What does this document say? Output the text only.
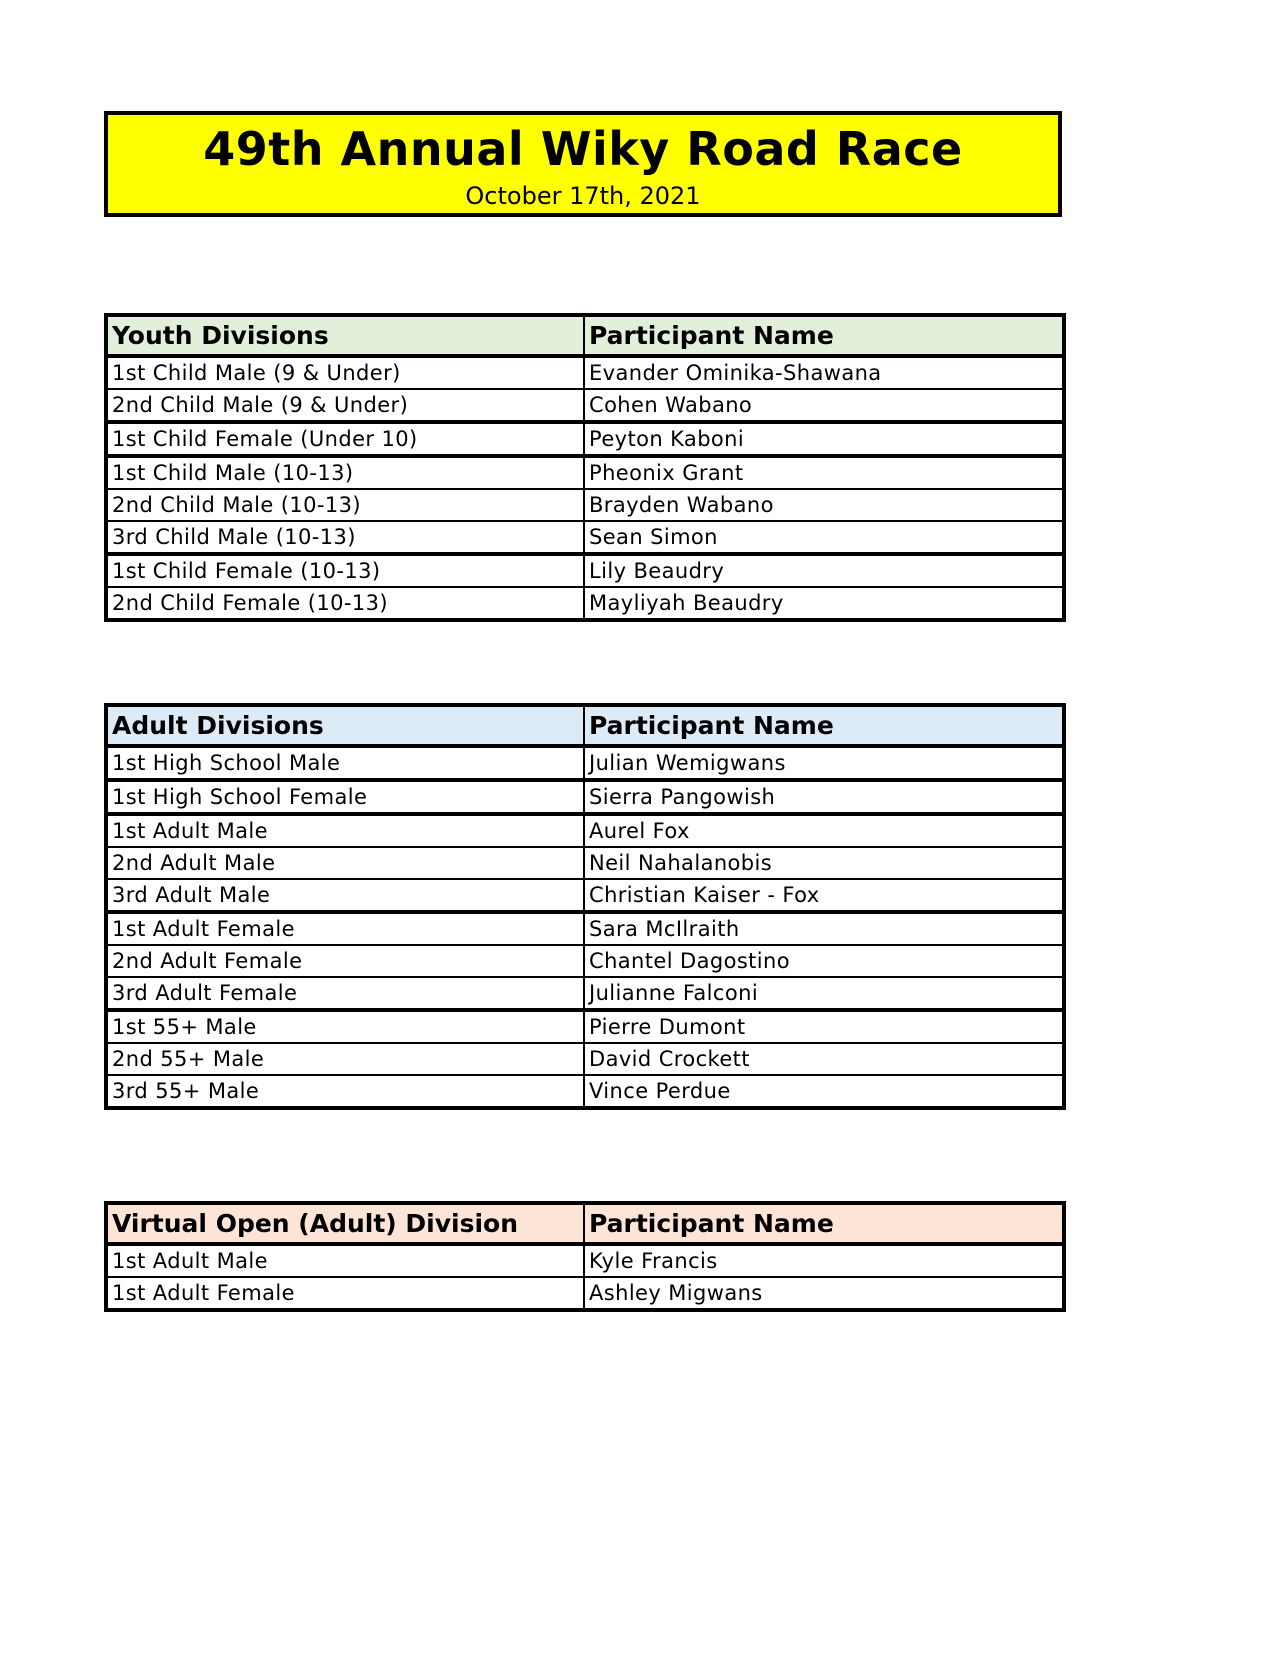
49th Annual Wiky Road Race
October 17th, 2021
Youth Divisions	Participant Name
1st Child Male (9 & Under)	Evander Ominika-Shawana
2nd Child Male (9 & Under)	Cohen Wabano
1st Child Female (Under 10)	Peyton Kaboni
1st Child Male (10-13)	Pheonix Grant
2nd Child Male (10-13)	Brayden Wabano
3rd Child Male (10-13)	Sean Simon
1st Child Female (10-13)	Lily Beaudry
2nd Child Female (10-13)	Mayliyah Beaudry
Adult Divisions	Participant Name
1st High School Male	Julian Wemigwans
1st High School Female	Sierra Pangowish
1st Adult Male	Aurel Fox
2nd Adult Male	Neil Nahalanobis
3rd Adult Male	Christian Kaiser - Fox
1st Adult Female	Sara McIlraith
2nd Adult Female	Chantel Dagostino
3rd Adult Female	Julianne Falconi
1st 55+ Male	Pierre Dumont
2nd 55+ Male	David Crockett
3rd 55+ Male	Vince Perdue
Virtual Open (Adult) Division	Participant Name
1st Adult Male	Kyle Francis
1st Adult Female	Ashley Migwans
